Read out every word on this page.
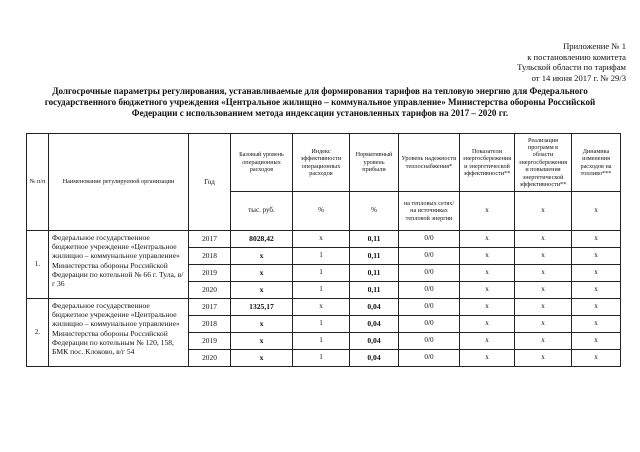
Приложение № 1
к постановлению комитета
Тульской области по тарифам
от 14 июня 2017 г. № 29/3
Долгосрочные параметры регулирования, устанавливаемые для формирования тарифов на тепловую энергию для Федерального государственного бюджетного учреждения «Центральное жилищно – коммунальное управление» Министерства обороны Российской Федерации с использованием метода индексации установленных тарифов на 2017 – 2020 гг.
№ п/п	Наименование регулируемой организации	Год	Базовый уровень операционных расходов	Индекс эффективности операционных расходов	Нормативный уровень прибыли	Уровень надежности теплоснабжения*	Показатели энергосбережения и энергетической эффективности**	Реализация программ в области энергосбережения и повышения энергетической эффективности**	Динамика изменения расходов на топливо***
			тыс. руб.	%	%	на тепловых сетях/на источниках тепловой энергии	х	х	х
1.	Федеральное государственное бюджетное учреждение «Центральное жилищно – коммунальное управление» Министерства обороны Российской Федерации по котельной № 66 г. Тула, в/г 36	2017	8028,42	х	0,11	0/0	х	х	х
		2018	х	1	0,11	0/0	х	х	х
		2019	х	1	0,11	0/0	х	х	х
		2020	х	1	0,11	0/0	х	х	х
2.	Федеральное государственное бюджетное учреждение «Центральное жилищно – коммунальное управление» Министерства обороны Российской Федерации по котельным № 120, 158, БМК пос. Клоково, в/г 54	2017	1325,17	х	0,04	0/0	х	х	х
		2018	х	1	0,04	0/0	х	х	х
		2019	х	1	0,04	0/0	х	х	х
		2020	х	1	0,04	0/0	х	х	х
